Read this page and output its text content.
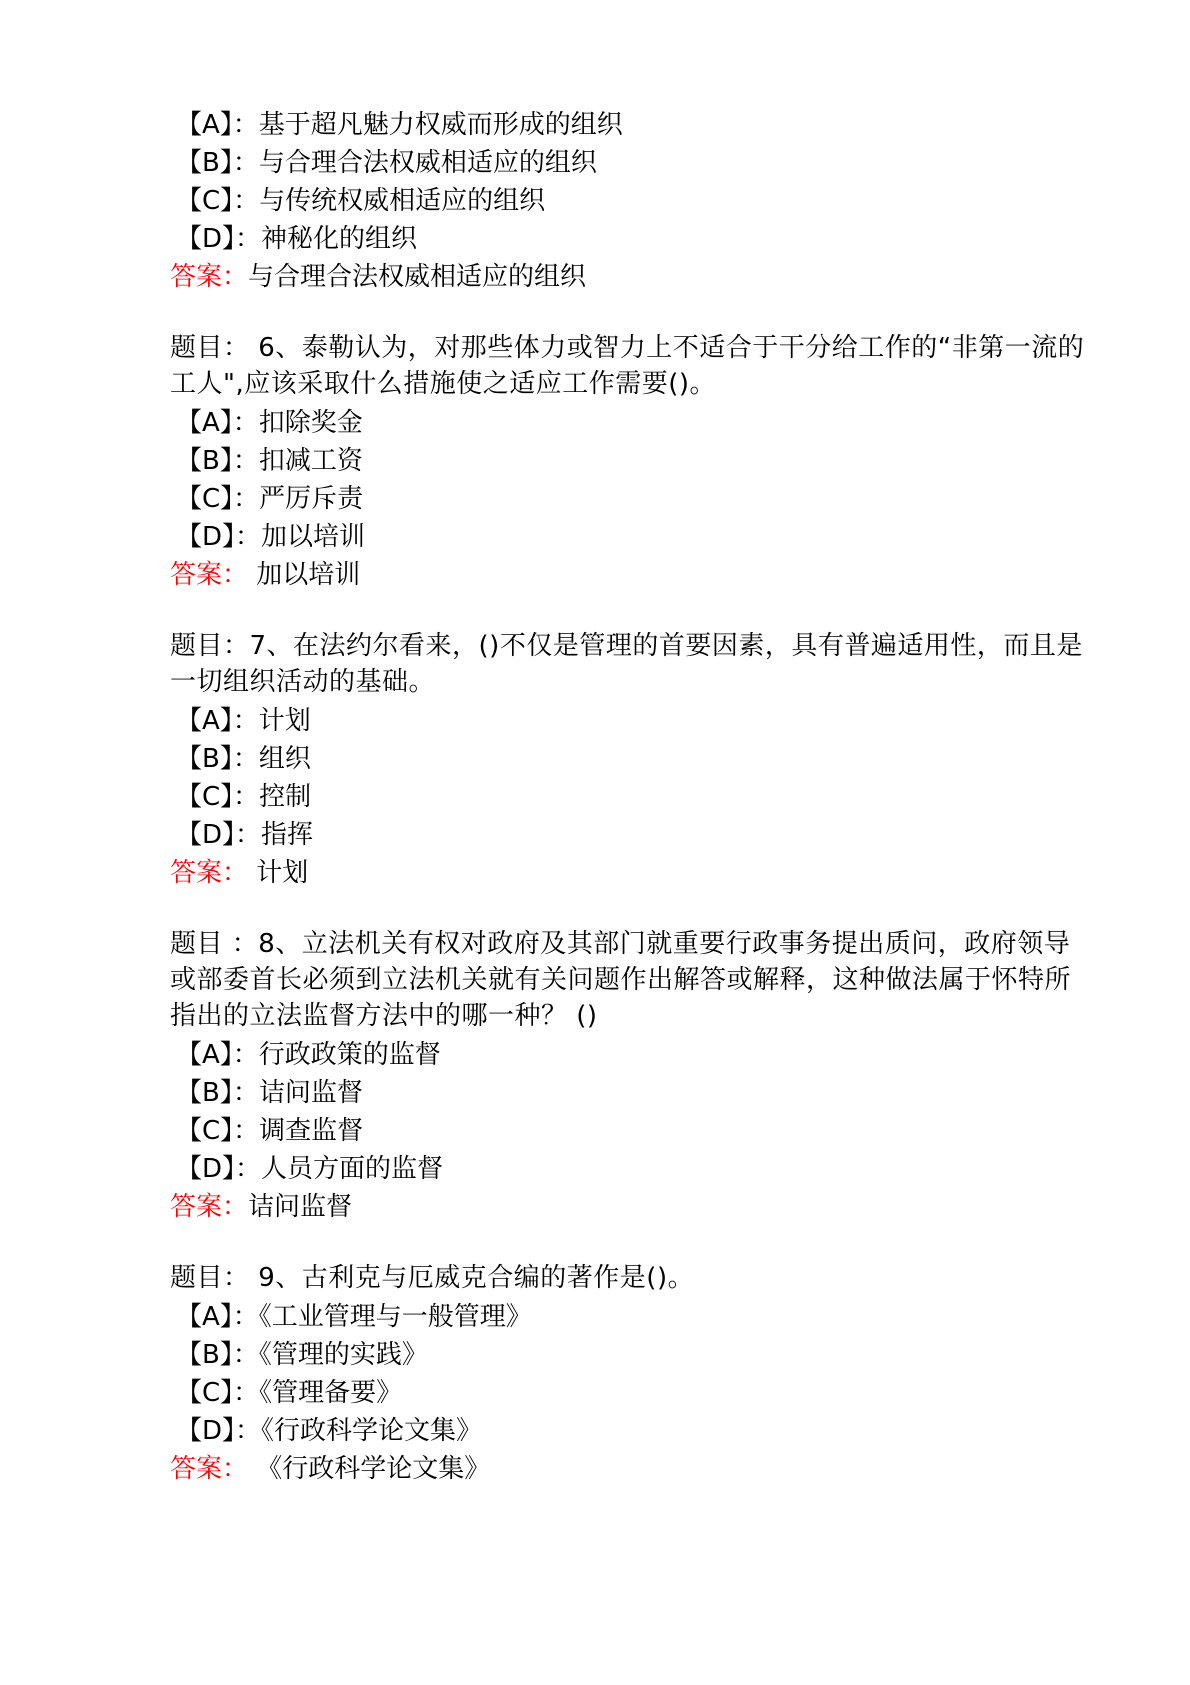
【A】：基于超凡魅力权威而形成的组织
【B】：与合理合法权威相适应的组织
【C】：与传统权威相适应的组织
【D】：神秘化的组织
答案：与合理合法权威相适应的组织
题目： 6、泰勒认为，对那些体力或智力上不适合于干分给工作的“非第一流的工人",应该采取什么措施使之适应工作需要()。
【A】：扣除奖金
【B】：扣减工资
【C】：严厉斥责
【D】：加以培训
答案： 加以培训
题目：7、在法约尔看来，()不仅是管理的首要因素，具有普遍适用性，而且是一切组织活动的基础。
【A】：计划
【B】：组织
【C】：控制
【D】：指挥
答案： 计划
题目 ：8、立法机关有权对政府及其部门就重要行政事务提出质问，政府领导或部委首长必须到立法机关就有关问题作出解答或解释，这种做法属于怀特所指出的立法监督方法中的哪一种？ ()
【A】：行政政策的监督
【B】：诘问监督
【C】：调查监督
【D】：人员方面的监督
答案：诘问监督
题目： 9、古利克与厄威克合编的著作是()。
【A】：《工业管理与一般管理》
【B】：《管理的实践》
【C】：《管理备要》
【D】：《行政科学论文集》
答案： 《行政科学论文集》
